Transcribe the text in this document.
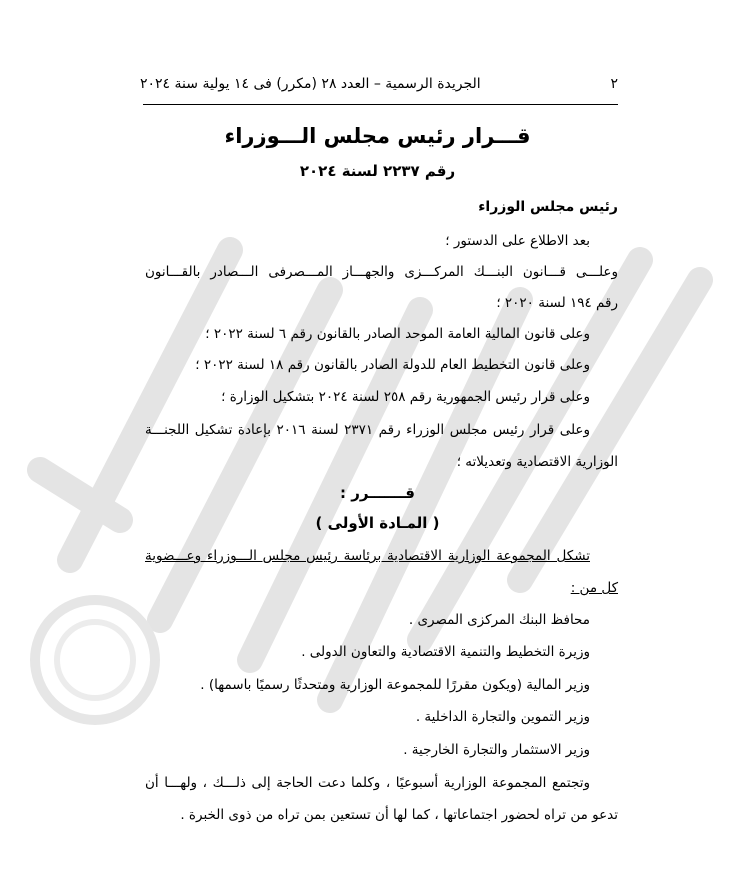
٢
الجريدة الرسمية – العدد ٢٨ (مكرر) فى ١٤ يولية سنة ٢٠٢٤
قـــرار رئيس مجلس الـــوزراء
رقم ٢٢٣٧ لسنة ٢٠٢٤
رئيس مجلس الوزراء
بعد الاطلاع على الدستور ؛
وعلـــى قـــانون البنـــك المركـــزى والجهـــاز المـــصرفى الـــصادر بالقـــانون
رقم ١٩٤ لسنة ٢٠٢٠ ؛
وعلى قانون المالية العامة الموحد الصادر بالقانون رقم ٦ لسنة ٢٠٢٢ ؛
وعلى قانون التخطيط العام للدولة الصادر بالقانون رقم ١٨ لسنة ٢٠٢٢ ؛
وعلى قرار رئيس الجمهورية رقم ٢٥٨ لسنة ٢٠٢٤ بتشكيل الوزارة ؛
وعلى قرار رئيس مجلس الوزراء رقم ٢٣٧١ لسنة ٢٠١٦ بإعادة تشكيل اللجنـــة
الوزارية الاقتصادية وتعديلاته ؛
قـــــــرر :
( المـادة الأولى )
تشكل المجموعة الوزارية الاقتصادية برئاسة رئيس مجلس الـــوزراء وعـــضوية
كل من :
محافظ البنك المركزى المصرى .
وزيرة التخطيط والتنمية الاقتصادية والتعاون الدولى .
وزير المالية (ويكون مقررًا للمجموعة الوزارية ومتحدثًا رسميًا باسمها) .
وزير التموين والتجارة الداخلية .
وزير الاستثمار والتجارة الخارجية .
وتجتمع المجموعة الوزارية أسبوعيًا ، وكلما دعت الحاجة إلى ذلـــك ، ولهـــا أن
تدعو من تراه لحضور اجتماعاتها ، كما لها أن تستعين بمن تراه من ذوى الخبرة .
